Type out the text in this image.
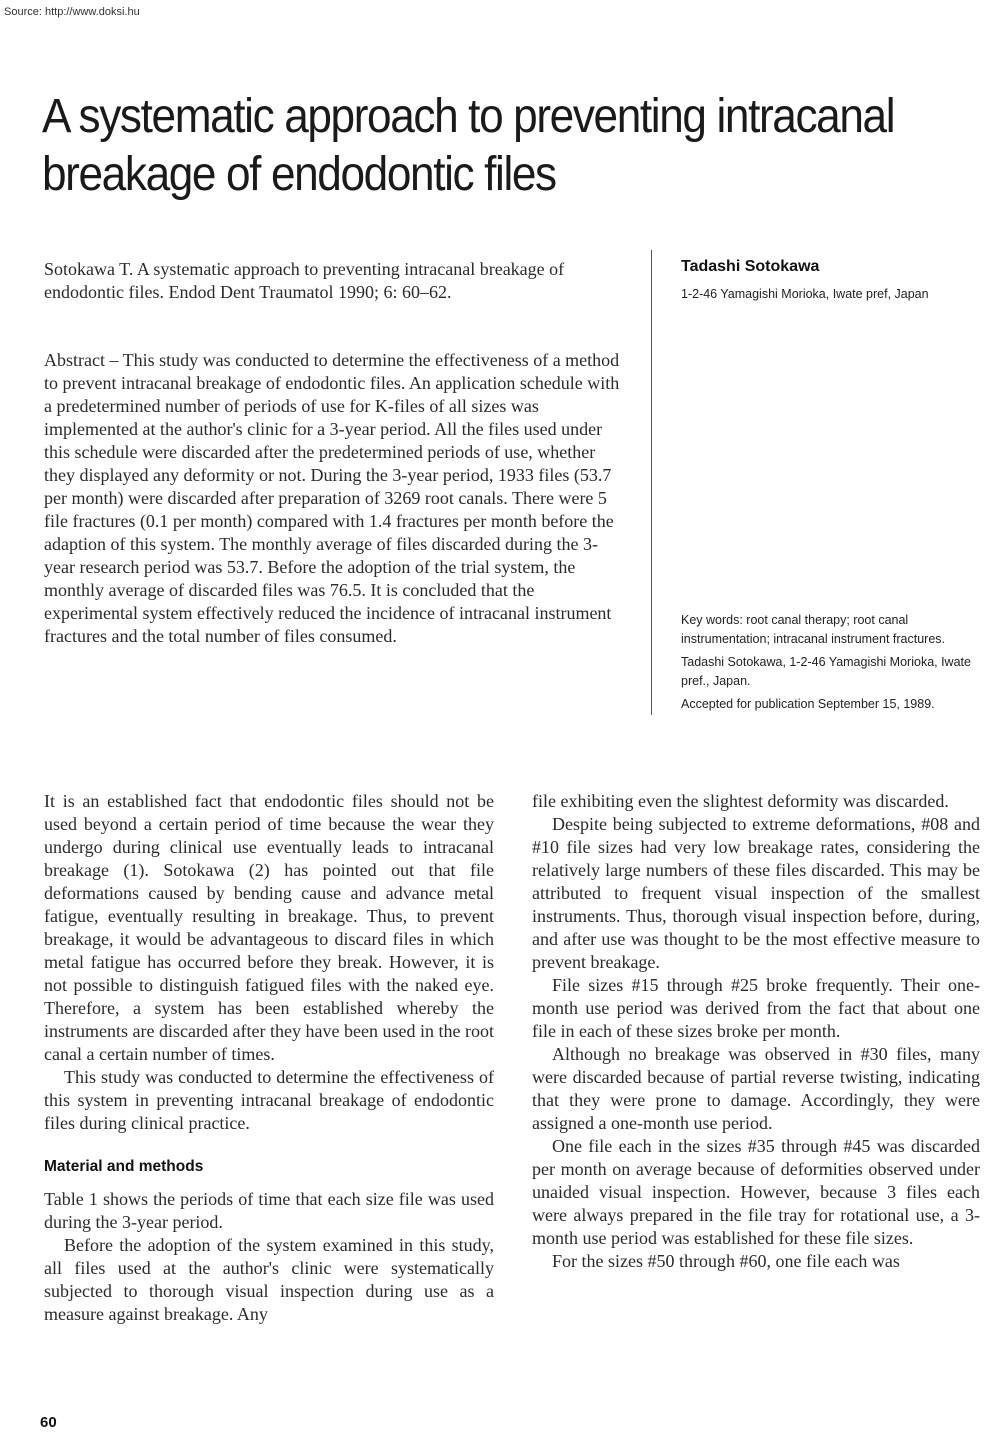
Source: http://www.doksi.hu
A systematic approach to preventing intracanal
breakage of endodontic files
Sotokawa T. A systematic approach to preventing intracanal breakage of endodontic files. Endod Dent Traumatol 1990; 6: 60–62.
Abstract – This study was conducted to determine the effectiveness of a method to prevent intracanal breakage of endodontic files. An application schedule with a predetermined number of periods of use for K-files of all sizes was implemented at the author's clinic for a 3-year period. All the files used under this schedule were discarded after the predetermined periods of use, whether they displayed any deformity or not. During the 3-year period, 1933 files (53.7 per month) were discarded after preparation of 3269 root canals. There were 5 file fractures (0.1 per month) compared with 1.4 fractures per month before the adaption of this system. The monthly average of files discarded during the 3-year research period was 53.7. Before the adoption of the trial system, the monthly average of discarded files was 76.5. It is concluded that the experimental system effectively reduced the incidence of intracanal instrument fractures and the total number of files consumed.
Tadashi Sotokawa
1-2-46 Yamagishi Morioka, Iwate pref, Japan

Key words: root canal therapy; root canal instrumentation; intracanal instrument fractures.

Tadashi Sotokawa, 1-2-46 Yamagishi Morioka, Iwate pref., Japan.

Accepted for publication September 15, 1989.

It is an established fact that endodontic files should not be used beyond a certain period of time because the wear they undergo during clinical use eventually leads to intracanal breakage (1). Sotokawa (2) has pointed out that file deformations caused by bending cause and advance metal fatigue, eventually resulting in breakage. Thus, to prevent breakage, it would be advantageous to discard files in which metal fatigue has occurred before they break. However, it is not possible to distinguish fatigued files with the naked eye. Therefore, a system has been established whereby the instruments are discarded after they have been used in the root canal a certain number of times.

This study was conducted to determine the effectiveness of this system in preventing intracanal breakage of endodontic files during clinical practice.

Material and methods

Table 1 shows the periods of time that each size file was used during the 3-year period.

Before the adoption of the system examined in this study, all files used at the author's clinic were systematically subjected to thorough visual inspection during use as a measure against breakage. Any

file exhibiting even the slightest deformity was discarded.

Despite being subjected to extreme deformations, #08 and #10 file sizes had very low breakage rates, considering the relatively large numbers of these files discarded. This may be attributed to frequent visual inspection of the smallest instruments. Thus, thorough visual inspection before, during, and after use was thought to be the most effective measure to prevent breakage.

File sizes #15 through #25 broke frequently. Their one-month use period was derived from the fact that about one file in each of these sizes broke per month.

Although no breakage was observed in #30 files, many were discarded because of partial reverse twisting, indicating that they were prone to damage. Accordingly, they were assigned a one-month use period.

One file each in the sizes #35 through #45 was discarded per month on average because of deformities observed under unaided visual inspection. However, because 3 files each were always prepared in the file tray for rotational use, a 3-month use period was established for these file sizes.

For the sizes #50 through #60, one file each was

60
